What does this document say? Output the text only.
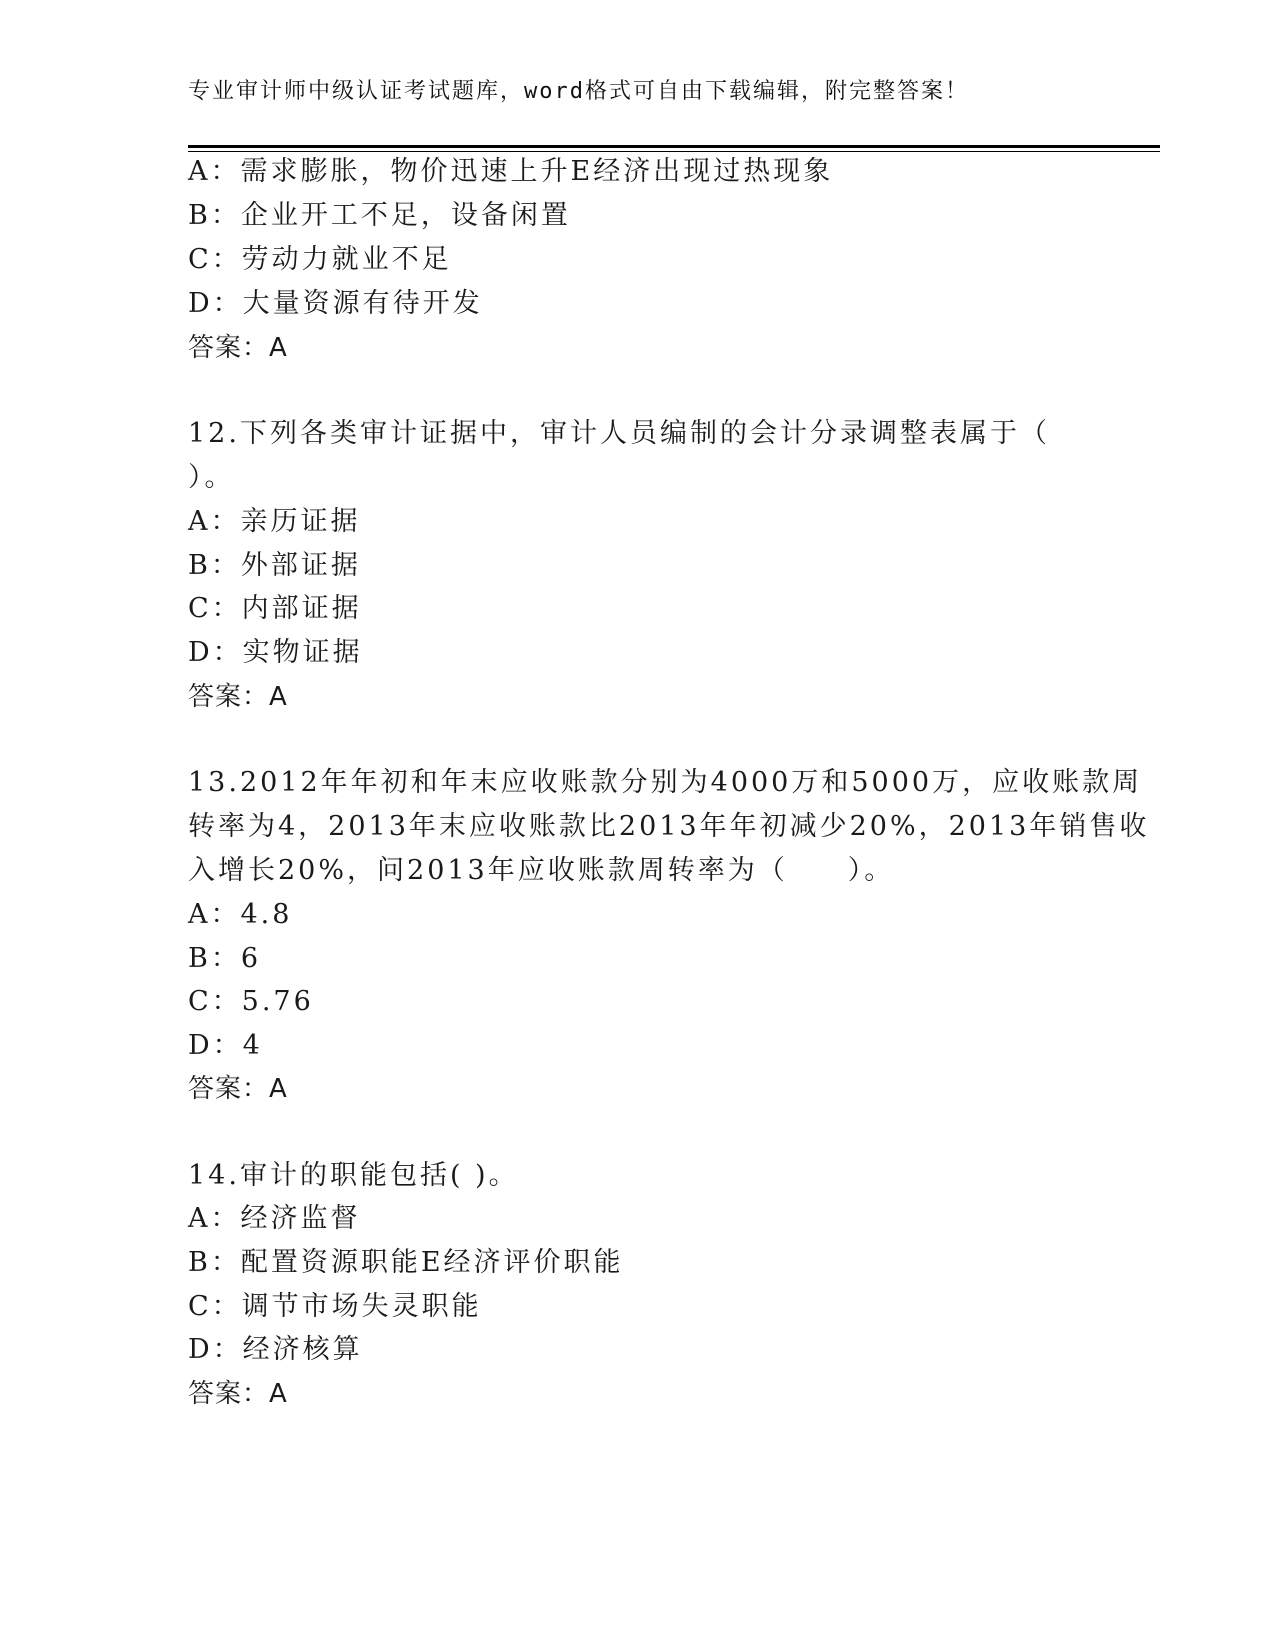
专业审计师中级认证考试题库，word格式可自由下载编辑，附完整答案！
A：需求膨胀，物价迅速上升E经济出现过热现象
B：企业开工不足，设备闲置
C：劳动力就业不足
D：大量资源有待开发
答案：A
12.下列各类审计证据中，审计人员编制的会计分录调整表属于（
）。
A：亲历证据
B：外部证据
C：内部证据
D：实物证据
答案：A
13.2012年年初和年末应收账款分别为4000万和5000万，应收账款周
转率为4，2013年末应收账款比2013年年初减少20%，2013年销售收
入增长20%，问2013年应收账款周转率为（　　）。
A：4.8
B：6
C：5.76
D：4
答案：A
14.审计的职能包括( )。
A：经济监督
B：配置资源职能E经济评价职能
C：调节市场失灵职能
D：经济核算
答案：A
